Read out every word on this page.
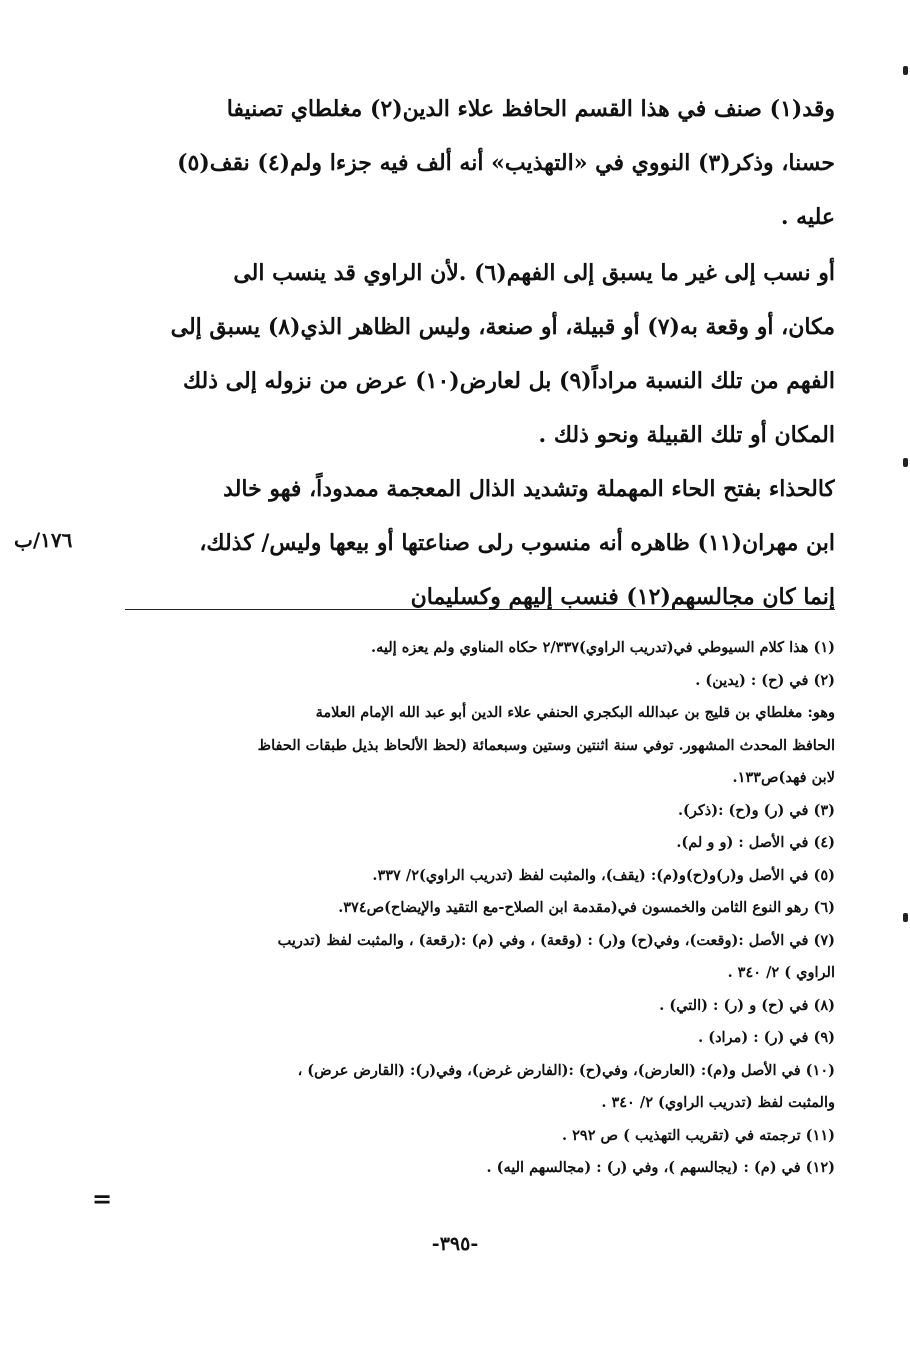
وقد(١) صنف في هذا القسم الحافظ علاء الدين(٢) مغلطاي تصنيفا
حسنا، وذكر(٣) النووي في «التهذيب» أنه ألف فيه جزءا ولم(٤) نقف(٥)
عليه .
أو نسب إلى غير ما يسبق إلى الفهم(٦) .لأن الراوي قد ينسب الى
مكان، أو وقعة به(٧) أو قبيلة، أو صنعة، وليس الظاهر الذي(٨) يسبق إلى
الفهم من تلك النسبة مراداً(٩) بل لعارض(١٠) عرض من نزوله إلى ذلك
المكان أو تلك القبيلة ونحو ذلك .
كالحذاء بفتح الحاء المهملة وتشديد الذال المعجمة ممدوداً، فهو خالد
ابن مهران(١١) ظاهره أنه منسوب رلى صناعتها أو بيعها وليس/ كذلك،
إنما كان مجالسهم(١٢) فنسب إليهم وكسليمان
١٧٦/ب
(١) هذا كلام السيوطي في(تدريب الراوي)٢/٣٣٧ حكاه المناوي ولم يعزه إليه.
(٢) في (ح) : (يدين) .
وهو: مغلطاي بن قليج بن عبدالله البكجري الحنفي علاء الدين أبو عبد الله الإمام العلامة
الحافظ المحدث المشهور. توفي سنة اثنتين وستين وسبعمائة (لحظ الألحاظ بذيل طبقات الحفاظ
لابن فهد)ص١٣٣.
(٣) في (ر) و(ح) :(ذكر).
(٤) في الأصل : (و و لم).
(٥) في الأصل و(ر)و(ح)و(م): (يقف)، والمثبت لفظ (تدريب الراوي)٢/ ٣٣٧.
(٦) رهو النوع الثامن والخمسون في(مقدمة ابن الصلاح-مع التقيد والإيضاح)ص٣٧٤.
(٧) في الأصل :(وقعت)، وفي(ح) و(ر) : (وقعة) ، وفي (م) :(رقعة) ، والمثبت لفظ (تدريب
الراوي ) ٢/ ٣٤٠ .
(٨) في (ح) و (ر) : (التي) .
(٩) في (ر) : (مراد) .
(١٠) في الأصل و(م): (العارض)، وفي(ح) :(الفارض غرض)، وفي(ر): (القارض عرض) ،
والمثبت لفظ (تدريب الراوي) ٢/ ٣٤٠ .
(١١) ترجمته في (تقريب التهذيب ) ص ٢٩٢ .
(١٢) في (م) : (يجالسهم )، وفي (ر) : (مجالسهم اليه) .
=
-٣٩٥-
